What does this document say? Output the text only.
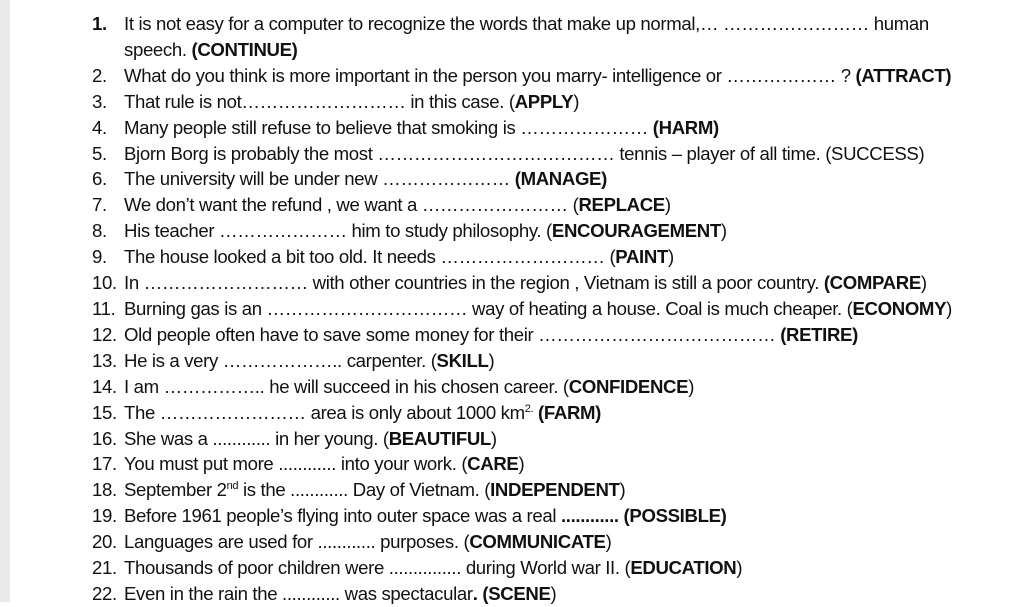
1. It is not easy for a computer to recognize the words that make up normal,… …………………… human
speech. (CONTINUE)
2. What do you think is more important in the person you marry- intelligence or ……………… ? (ATTRACT)
3. That rule is not……………………… in this case. (APPLY)
4. Many people still refuse to believe that smoking is ………………… (HARM)
5. Bjorn Borg is probably the most ………………………………… tennis – player of all time. (SUCCESS)
6. The university will be under new ………………… (MANAGE)
7. We don’t want the refund , we want a …………………… (REPLACE)
8. His teacher ………………… him to study philosophy. (ENCOURAGEMENT)
9. The house looked a bit too old. It needs ……………………… (PAINT)
10. In ……………………… with other countries in the region , Vietnam is still a poor country. (COMPARE)
11. Burning gas is an …………………………… way of heating a house. Coal is much cheaper. (ECONOMY)
12. Old people often have to save some money for their ………………………………… (RETIRE)
13. He is a very ……………….. carpenter. (SKILL)
14. I am …………….. he will succeed in his chosen career. (CONFIDENCE)
15. The …………………… area is only about 1000 $km^{2.}$ (FARM)
16. She was a ............ in her young. (BEAUTIFUL)
17. You must put more ............ into your work. (CARE)
18. September 2nd is the ............ Day of Vietnam. (INDEPENDENT)
19. Before 1961 people’s flying into outer space was a real ............ (POSSIBLE)
20. Languages are used for ............ purposes. (COMMUNICATE)
21. Thousands of poor children were ............... during World war II. (EDUCATION)
22. Even in the rain the ............ was spectacular. (SCENE)
